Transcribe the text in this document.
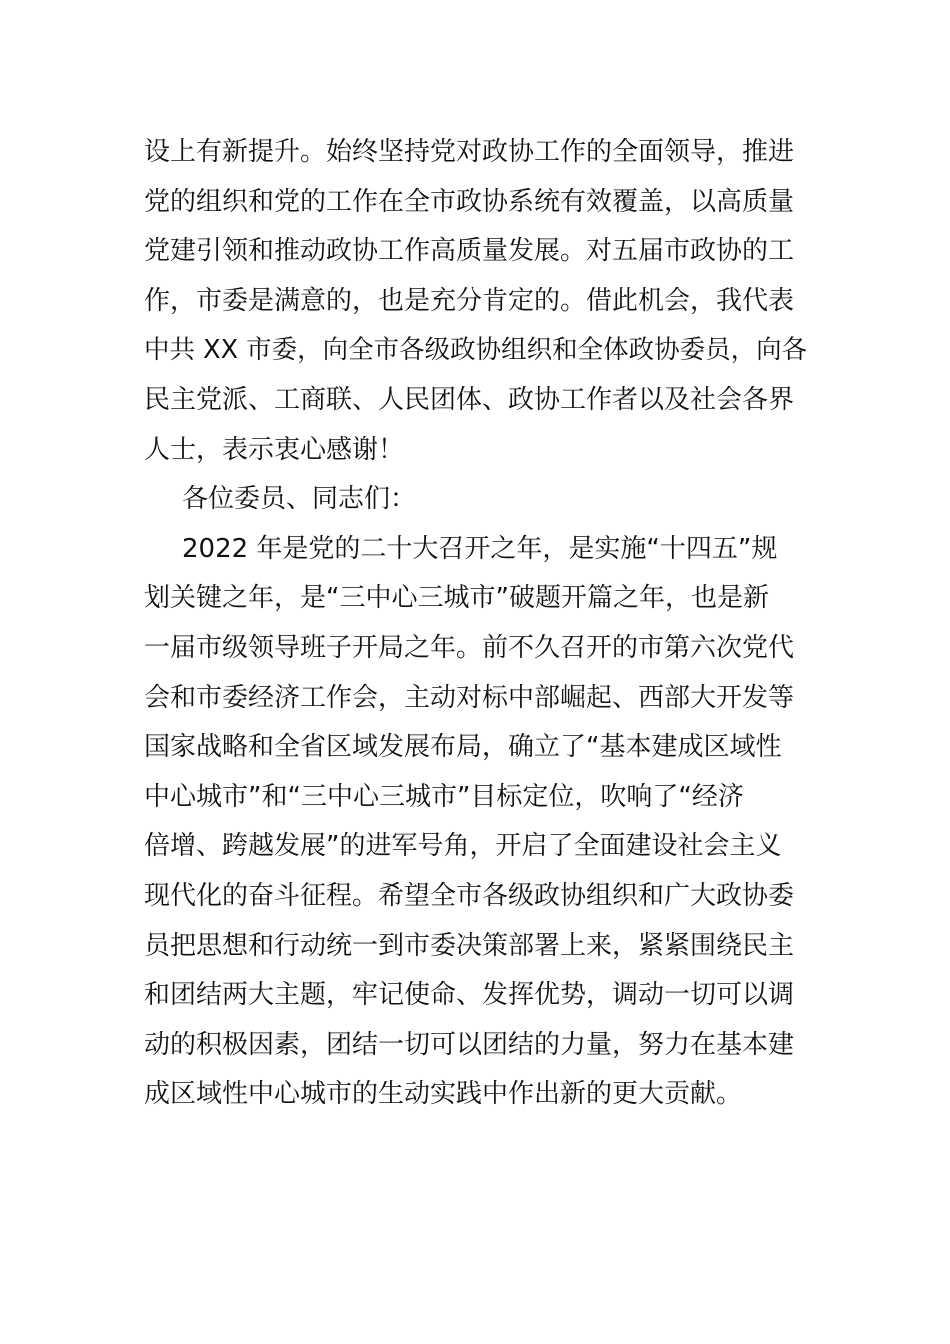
设上有新提升。始终坚持党对政协工作的全面领导，推进
党的组织和党的工作在全市政协系统有效覆盖，以高质量
党建引领和推动政协工作高质量发展。对五届市政协的工
作，市委是满意的，也是充分肯定的。借此机会，我代表
中共 XX 市委，向全市各级政协组织和全体政协委员，向各
民主党派、工商联、人民团体、政协工作者以及社会各界
人士，表示衷心感谢！
各位委员、同志们：
2022 年是党的二十大召开之年，是实施“十四五”规
划关键之年，是“三中心三城市”破题开篇之年，也是新
一届市级领导班子开局之年。前不久召开的市第六次党代
会和市委经济工作会，主动对标中部崛起、西部大开发等
国家战略和全省区域发展布局，确立了“基本建成区域性
中心城市”和“三中心三城市”目标定位，吹响了“经济
倍增、跨越发展”的进军号角，开启了全面建设社会主义
现代化的奋斗征程。希望全市各级政协组织和广大政协委
员把思想和行动统一到市委决策部署上来，紧紧围绕民主
和团结两大主题，牢记使命、发挥优势，调动一切可以调
动的积极因素，团结一切可以团结的力量，努力在基本建
成区域性中心城市的生动实践中作出新的更大贡献。
